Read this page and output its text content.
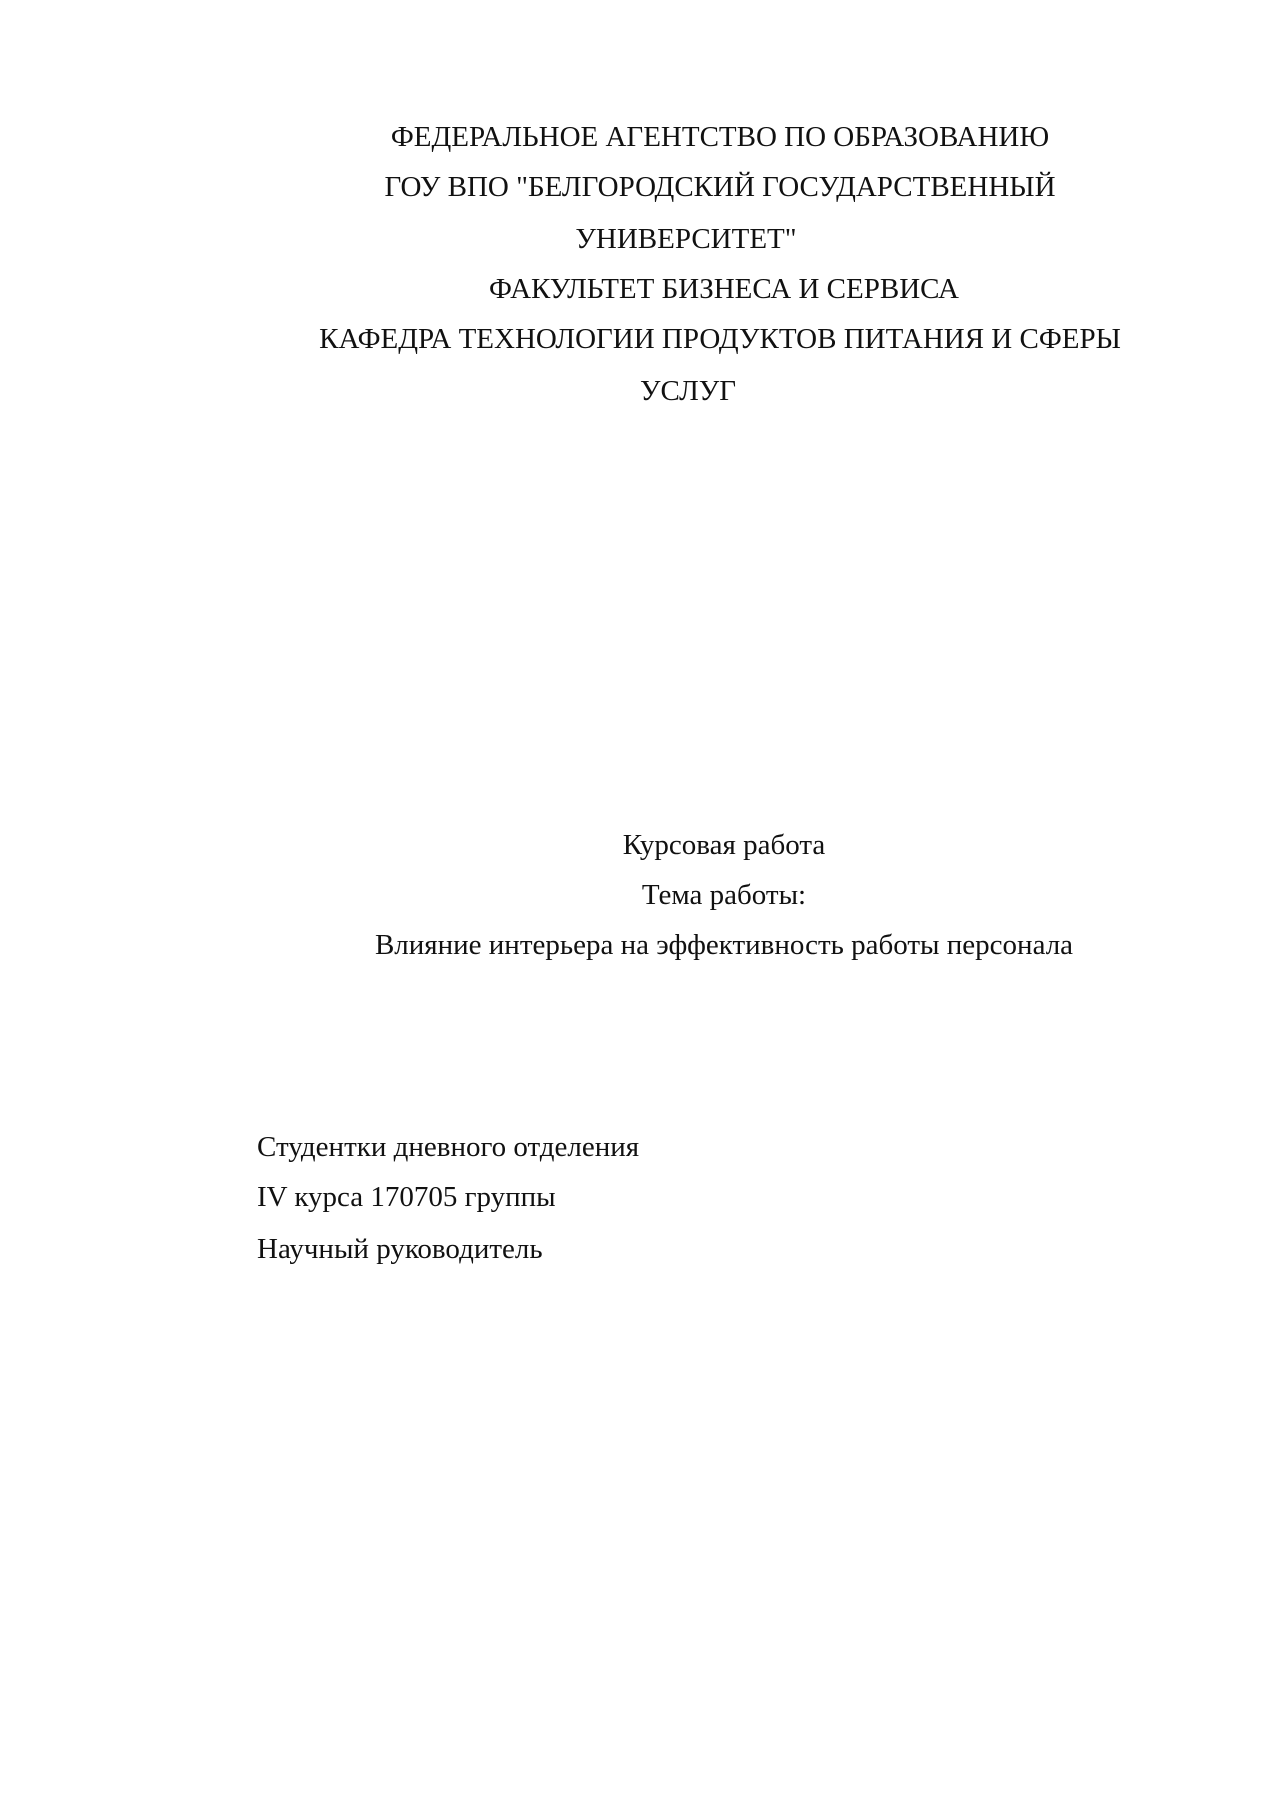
ФЕДЕРАЛЬНОЕ АГЕНТСТВО ПО ОБРАЗОВАНИЮ
ГОУ ВПО "БЕЛГОРОДСКИЙ ГОСУДАРСТВЕННЫЙ
УНИВЕРСИТЕТ"
ФАКУЛЬТЕТ БИЗНЕСА И СЕРВИСА
КАФЕДРА ТЕХНОЛОГИИ ПРОДУКТОВ ПИТАНИЯ И СФЕРЫ
УСЛУГ
Курсовая работа
Тема работы:
Влияние интерьера на эффективность работы персонала
Студентки дневного отделения
IV курса 170705 группы
Научный руководитель
